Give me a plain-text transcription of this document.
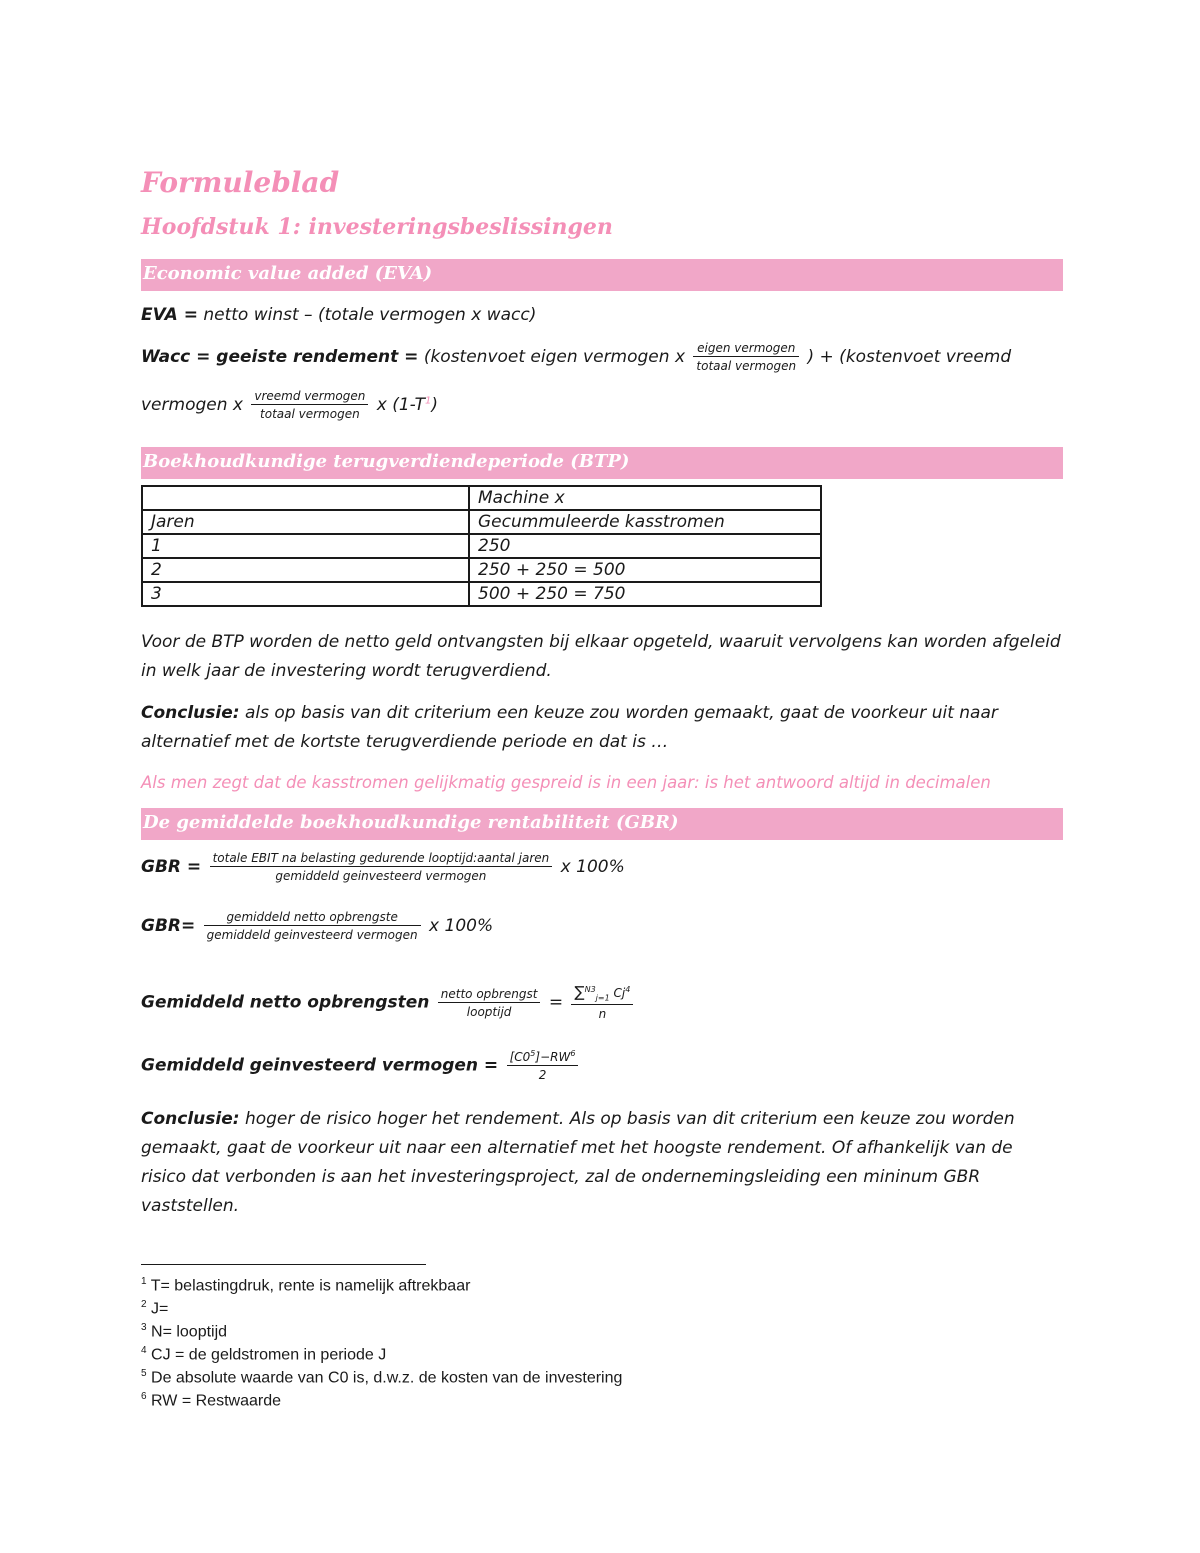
Formuleblad
Hoofdstuk 1: investeringsbeslissingen
Economic value added (EVA)
EVA = netto winst – (totale vermogen x wacc)
Wacc = geeiste rendement = (kostenvoet eigen vermogen x $\frac{\text{eigen vermogen}}{\text{totaal vermogen}}$ ) + (kostenvoet vreemd
vermogen x $\frac{\text{vreemd vermogen}}{\text{totaal vermogen}}$ x $(1-T^1)$
Boekhoudkundige terugverdiendeperiode (BTP)
	Machine x
Jaren	Gecummuleerde kasstromen
1	250
2	250 + 250 = 500
3	500 + 250 = 750
Voor de BTP worden de netto geld ontvangsten bij elkaar opgeteld, waaruit vervolgens kan worden afgeleid in welk jaar de investering wordt terugverdiend.
Conclusie: als op basis van dit criterium een keuze zou worden gemaakt, gaat de voorkeur uit naar alternatief met de kortste terugverdiende periode en dat is …
Als men zegt dat de kasstromen gelijkmatig gespreid is in een jaar: is het antwoord altijd in decimalen
De gemiddelde boekhoudkundige rentabiliteit (GBR)
GBR = $\frac{\text{totale EBIT na belasting gedurende looptijd:aantal jaren}}{\text{gemiddeld geinvesteerd vermogen}}$ x 100%
$GBR= \frac{\text{gemiddeld netto opbrengste}}{\text{gemiddeld geinvesteerd vermogen}}$ x 100%
Gemiddeld netto opbrengsten $\frac{\text{netto opbrengst}}{\text{looptijd}} = \frac{\sum^{N3}_{j=1} Cj^4}{n}$
Gemiddeld geinvesteerd vermogen = $\frac{[C0^5]-RW^6}{2}$
Conclusie: hoger de risico hoger het rendement. Als op basis van dit criterium een keuze zou worden gemaakt, gaat de voorkeur uit naar een alternatief met het hoogste rendement. Of afhankelijk van de risico dat verbonden is aan het investeringsproject, zal de ondernemingsleiding een mininum GBR vaststellen.
$^1$ T= belastingdruk, rente is namelijk aftrekbaar
$^2$ J=
$^3$ N= looptijd
$^4$ CJ = de geldstromen in periode J
$^5$ De absolute waarde van C0 is, d.w.z. de kosten van de investering
$^6$ RW = Restwaarde
